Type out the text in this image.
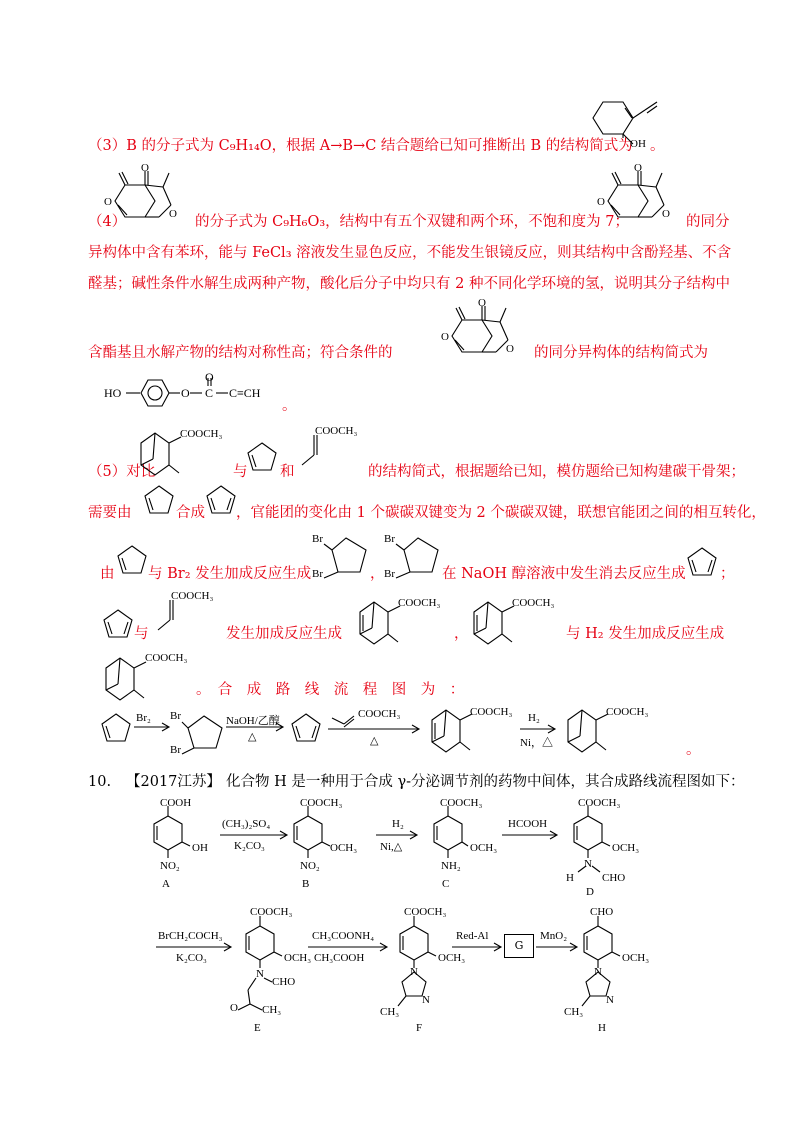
（3）B 的分子式为 C₉H₁₄O，根据 A→B→C 结合题给已知可推断出 B 的结构简式为
OH 。
（4）
O
O
O 的分子式为 C₉H₆O₃，结构中有五个双键和两个环，不饱和度为 7；
O
O
O 的同分
异构体中含有苯环，能与 FeCl₃ 溶液发生显色反应，不能发生银镜反应，则其结构中含酚羟基、不含
醛基；碱性条件水解生成两种产物，酸化后分子中均只有 2 种不同化学环境的氢，说明其分子结构中
含酯基且水解产物的结构对称性高；符合条件的
O
O
O 的同分异构体的结构简式为
HO	O
O
C C≡CH
。
（5）对比
COOCH₃
与 和
COOCH₃
的结构简式，根据题给已知，模仿题给已知构建碳干骨架；
需要由	合成 ，官能团的变化由 1 个碳碳双键变为 2 个碳碳双键，联想官能团之间的相互转化，
由 与 Br₂ 发生加成反应生成
Br
Br	，
Br
Br	在 NaOH 醇溶液中发生消去反应生成 ；
与
COOCH₃
发生加成反应生成
COOCH₃
，
COOCH₃
与 H₂ 发生加成反应生成
COOCH₃
。　合　成　路　线　流　程　图　为　：
Br₂ Br
Br
NaOH/乙醇
△
COOCH₃
△
COOCH₃ H₂
Ni，△
COOCH₃
。
10. 【2017江苏】 化合物 H 是一种用于合成 γ-分泌调节剂的药物中间体，其合成路线流程图如下：
COOH
OH
NO₂
A
(CH₃)₂SO₄
K₂CO₃
COOCH₃
OCH₃
NO₂
B
H₂
Ni,△
COOCH₃
OCH₃
NH₂
C
HCOOH
COOCH₃
OCH₃
N
H	CHO
D
BrCH₂COCH₃
K₂CO₃
COOCH₃
OCH₃
N
CHO
O CH₃
E
CH₃COONH₄
CH₃COOH
COOCH₃
OCH₃
N
N
CH₃
F
Red-Al
G
MnO₂
CHO
OCH₃
N
N
CH₃
H
